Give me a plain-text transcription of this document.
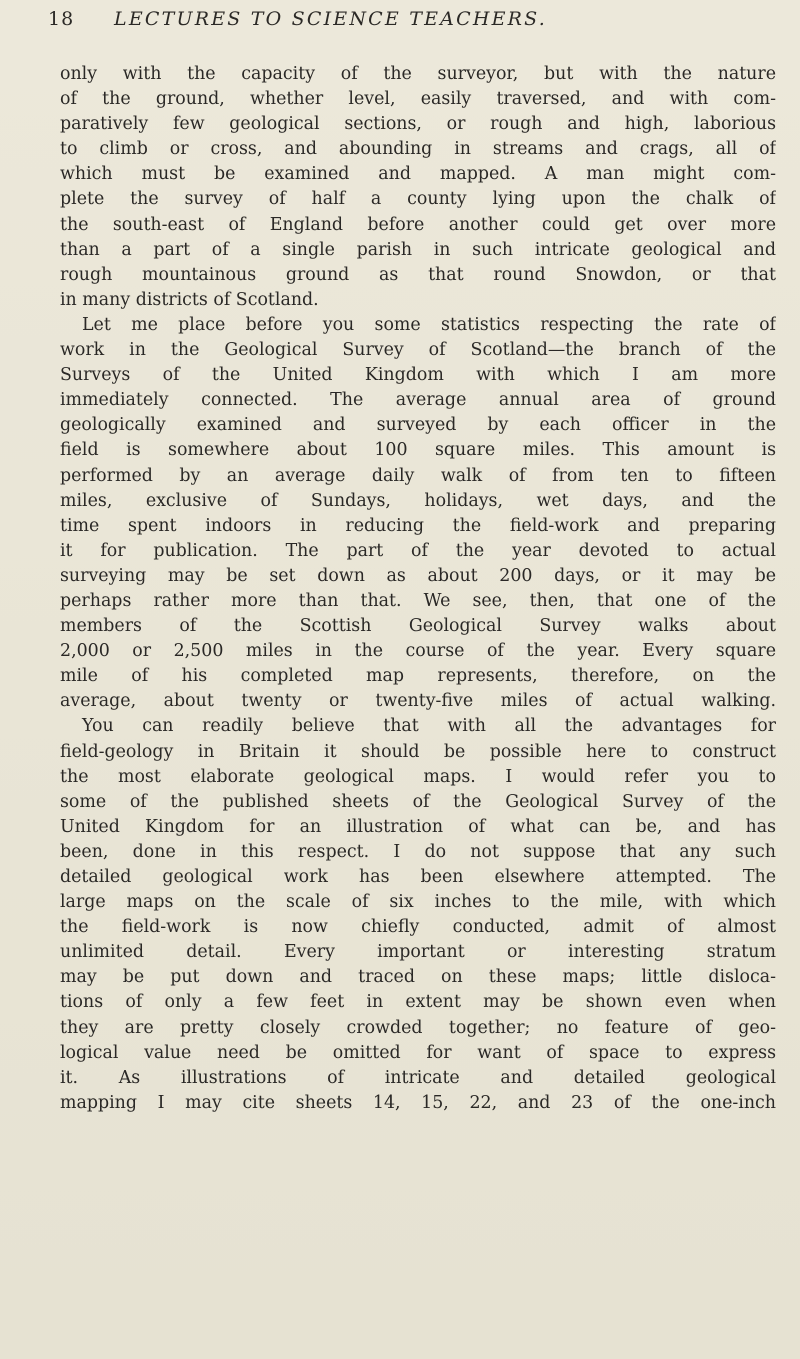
18 LECTURES TO SCIENCE TEACHERS.
only with the capacity of the surveyor, but with the nature
of the ground, whether level, easily traversed, and with com-
paratively few geological sections, or rough and high, laborious
to climb or cross, and abounding in streams and crags, all of
which must be examined and mapped. A man might com-
plete the survey of half a county lying upon the chalk of
the south-east of England before another could get over more
than a part of a single parish in such intricate geological and
rough mountainous ground as that round Snowdon, or that
in many districts of Scotland.
Let me place before you some statistics respecting the rate of
work in the Geological Survey of Scotland—the branch of the
Surveys of the United Kingdom with which I am more
immediately connected. The average annual area of ground
geologically examined and surveyed by each officer in the
field is somewhere about 100 square miles. This amount is
performed by an average daily walk of from ten to fifteen
miles, exclusive of Sundays, holidays, wet days, and the
time spent indoors in reducing the field-work and preparing
it for publication. The part of the year devoted to actual
surveying may be set down as about 200 days, or it may be
perhaps rather more than that. We see, then, that one of the
members of the Scottish Geological Survey walks about
2,000 or 2,500 miles in the course of the year. Every square
mile of his completed map represents, therefore, on the
average, about twenty or twenty-five miles of actual walking.
You can readily believe that with all the advantages for
field-geology in Britain it should be possible here to construct
the most elaborate geological maps. I would refer you to
some of the published sheets of the Geological Survey of the
United Kingdom for an illustration of what can be, and has
been, done in this respect. I do not suppose that any such
detailed geological work has been elsewhere attempted. The
large maps on the scale of six inches to the mile, with which
the field-work is now chiefly conducted, admit of almost
unlimited detail. Every important or interesting stratum
may be put down and traced on these maps; little disloca-
tions of only a few feet in extent may be shown even when
they are pretty closely crowded together; no feature of geo-
logical value need be omitted for want of space to express
it. As illustrations of intricate and detailed geological
mapping I may cite sheets 14, 15, 22, and 23 of the one-inch
